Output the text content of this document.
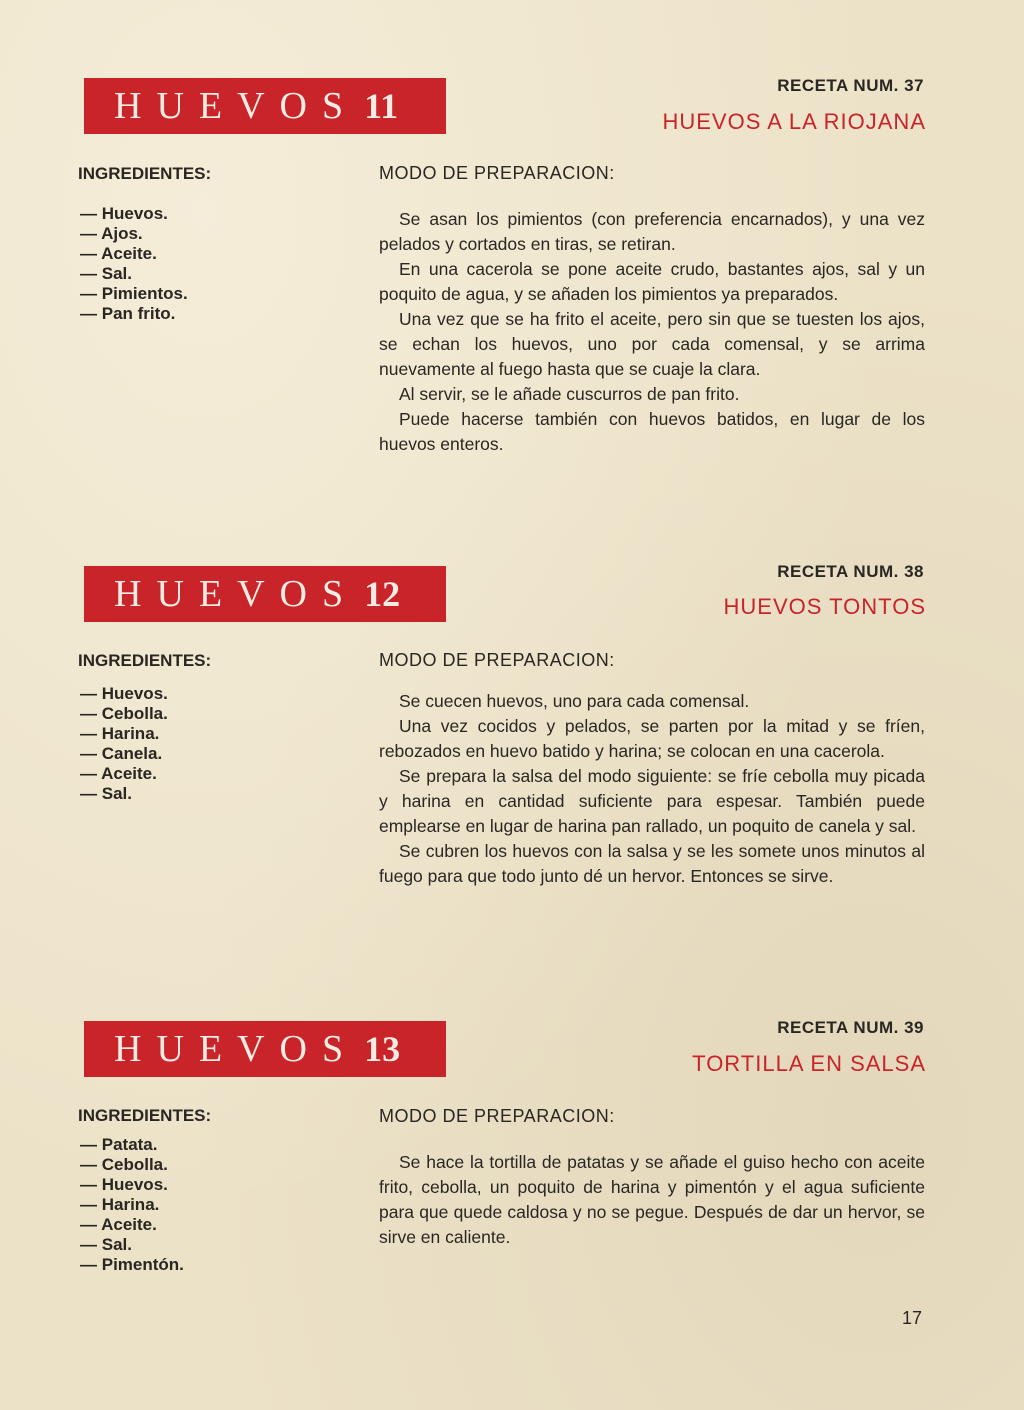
HUEVOS 11
RECETA NUM. 37
HUEVOS A LA RIOJANA
INGREDIENTES:
— Huevos.
— Ajos.
— Aceite.
— Sal.
— Pimientos.
— Pan frito.
MODO DE PREPARACION:

Se asan los pimientos (con preferencia encarnados), y una vez pelados y cortados en tiras, se retiran.

En una cacerola se pone aceite crudo, bastantes ajos, sal y un poquito de agua, y se añaden los pimientos ya preparados.

Una vez que se ha frito el aceite, pero sin que se tuesten los ajos, se echan los huevos, uno por cada comensal, y se arrima nuevamente al fuego hasta que se cuaje la clara.

Al servir, se le añade cuscurros de pan frito.

Puede hacerse también con huevos batidos, en lugar de los huevos enteros.

HUEVOS 12
RECETA NUM. 38
HUEVOS TONTOS
INGREDIENTES:
— Huevos.
— Cebolla.
— Harina.
— Canela.
— Aceite.
— Sal.
MODO DE PREPARACION:

Se cuecen huevos, uno para cada comensal.

Una vez cocidos y pelados, se parten por la mitad y se fríen, rebozados en huevo batido y harina; se colocan en una cacerola.

Se prepara la salsa del modo siguiente: se fríe cebolla muy picada y harina en cantidad suficiente para espesar. También puede emplearse en lugar de harina pan rallado, un poquito de canela y sal.

Se cubren los huevos con la salsa y se les somete unos minutos al fuego para que todo junto dé un hervor. Entonces se sirve.

HUEVOS 13
RECETA NUM. 39
TORTILLA EN SALSA
INGREDIENTES:
— Patata.
— Cebolla.
— Huevos.
— Harina.
— Aceite.
— Sal.
— Pimentón.
MODO DE PREPARACION:

Se hace la tortilla de patatas y se añade el guiso hecho con aceite frito, cebolla, un poquito de harina y pimentón y el agua suficiente para que quede caldosa y no se pegue. Después de dar un hervor, se sirve en caliente.

17
